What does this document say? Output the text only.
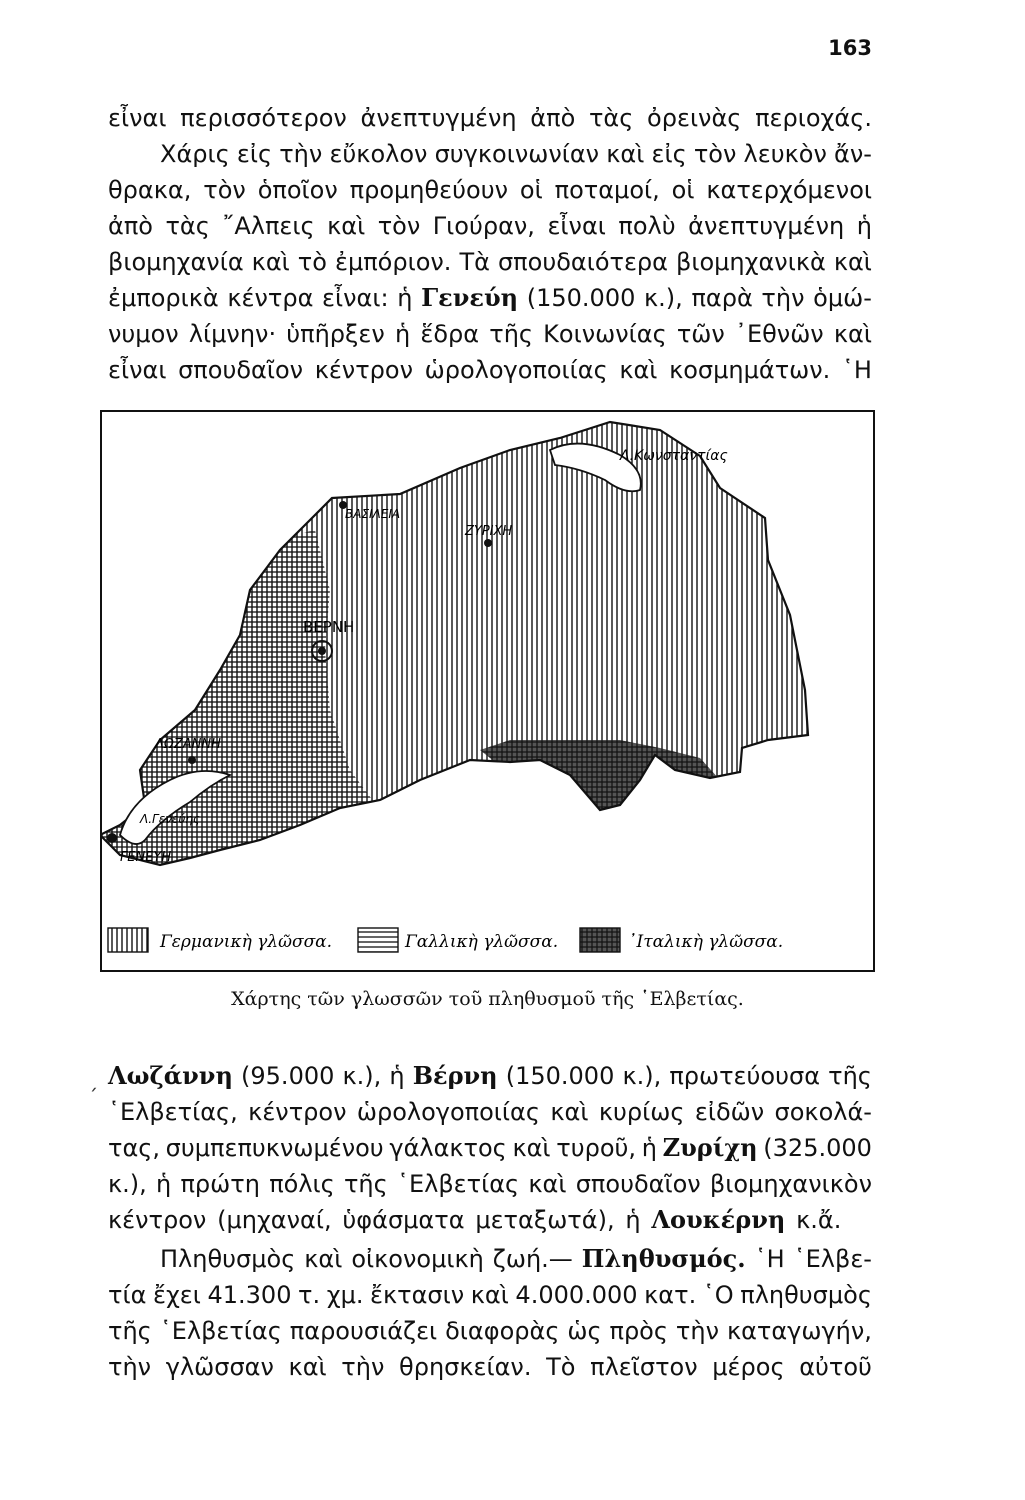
163
εἶναι περισσότερον ἀνεπτυγμένη ἀπὸ τὰς ὀρεινὰς περιοχάς.
Χάρις εἰς τὴν εὔκολον συγκοινωνίαν καὶ εἰς τὸν λευκὸν ἄν-
θρακα, τὸν ὁποῖον προμηθεύουν οἱ ποταμοί, οἱ κατερχόμενοι
ἀπὸ τὰς ῎Αλπεις καὶ τὸν Γιούραν, εἶναι πολὺ ἀνεπτυγμένη ἡ
βιομηχανία καὶ τὸ ἐμπόριον. Τὰ σπουδαιότερα βιομηχανικὰ καὶ
ἐμπορικὰ κέντρα εἶναι: ἡ Γενεύη (150.000 κ.), παρὰ τὴν ὁμώ-
νυμον λίμνην· ὑπῆρξεν ἡ ἕδρα τῆς Κοινωνίας τῶν ᾿Εθνῶν καὶ
εἶναι σπουδαῖον κέντρον ὡρολογοποιίας καὶ κοσμημάτων. ῾Η
Λ.Κωνσταντίας
ΒΑΣΙΛΕΙΑ
ΖΥΡΙΧΗ
ΒΕΡΝΗ
ΛΩΖΑΝΝΗ
Λ.Γενεύης
ΓΕΝΕΥΗ
Γερμανικὴ γλῶσσα.	Γαλλικὴ γλῶσσα.	᾿Ιταλικὴ γλῶσσα.
Χάρτης τῶν γλωσσῶν τοῦ πληθυσμοῦ τῆς ῾Ελβετίας.
Λωζάννη (95.000 κ.), ἡ Βέρνη (150.000 κ.), πρωτεύουσα τῆς
῾Ελβετίας, κέντρον ὡρολογοποιίας καὶ κυρίως εἰδῶν σοκολά-
τας, συμπεπυκνωμένου γάλακτος καὶ τυροῦ, ἡ Ζυρίχη (325.000
κ.), ἡ πρώτη πόλις τῆς ῾Ελβετίας καὶ σπουδαῖον βιομηχανικὸν
κέντρον (μηχαναί, ὑφάσματα μεταξωτά), ἡ Λουκέρνη κ.ἄ.
Πληθυσμὸς καὶ οἰκονομικὴ ζωή.— Πληθυσμός. ῾Η ῾Ελβε-
τία ἔχει 41.300 τ. χμ. ἔκτασιν καὶ 4.000.000 κατ. ῾Ο πληθυσμὸς
τῆς ῾Ελβετίας παρουσιάζει διαφορὰς ὡς πρὸς τὴν καταγωγήν,
τὴν γλῶσσαν καὶ τὴν θρησκείαν. Τὸ πλεῖστον μέρος αὐτοῦ
´
